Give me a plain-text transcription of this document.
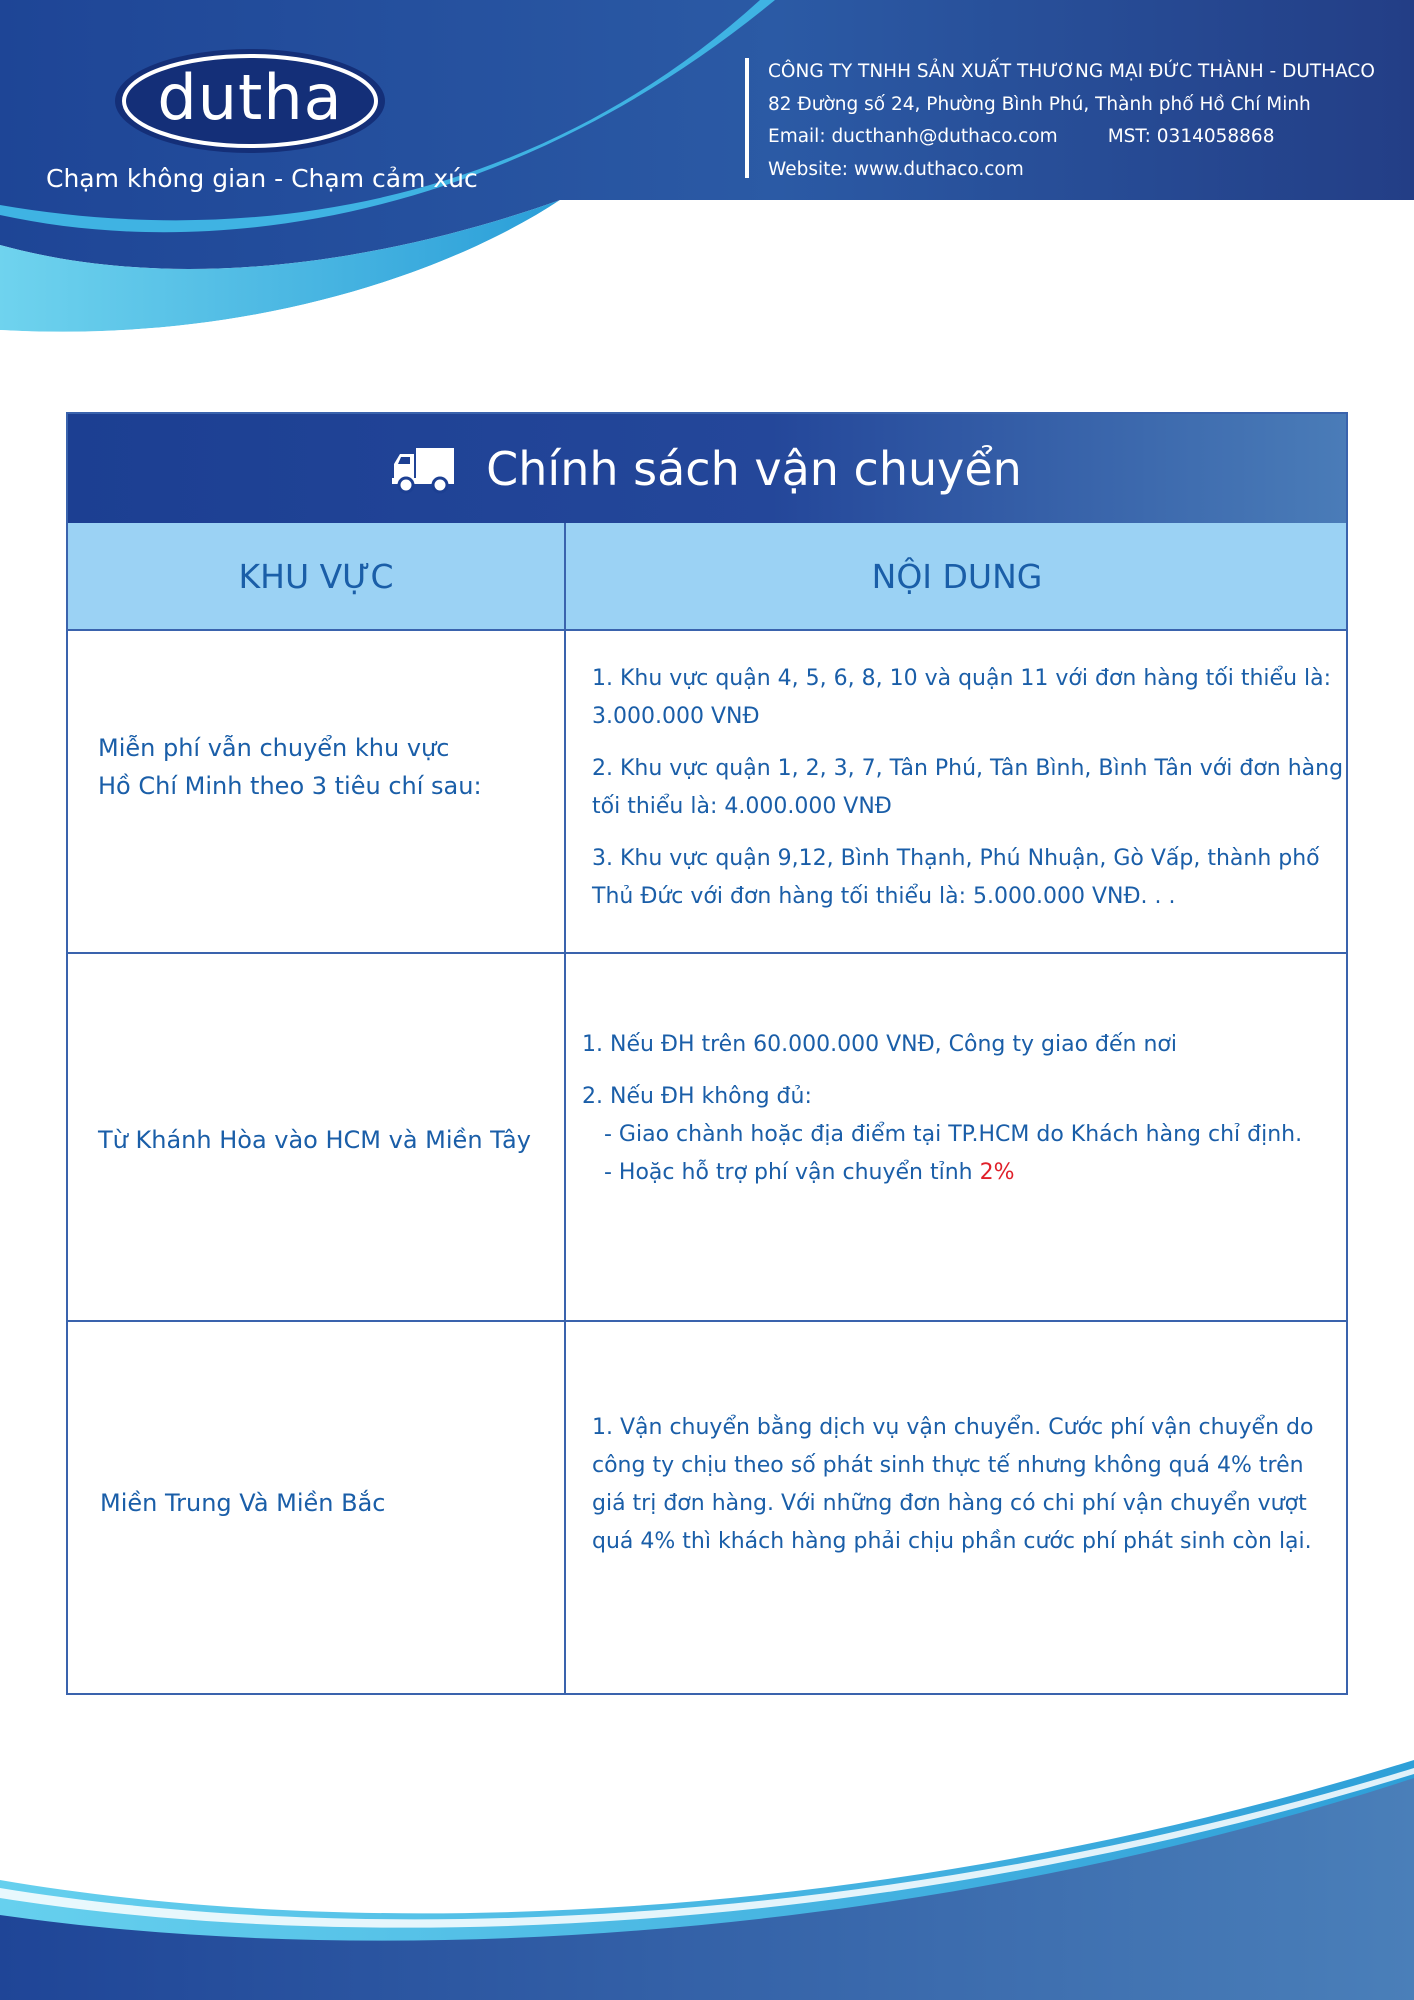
dutha
Chạm không gian - Chạm cảm xúc
CÔNG TY TNHH SẢN XUẤT THƯƠNG MẠI ĐỨC THÀNH - DUTHACO
82 Đường số 24, Phường Bình Phú, Thành phố Hồ Chí Minh
Email: ducthanh@duthaco.com	MST: 0314058868
Website: www.duthaco.com
Chính sách vận chuyển
KHU VỰC	NỘI DUNG
Miễn phí vẫn chuyển khu vực
Hồ Chí Minh theo 3 tiêu chí sau:

1. Khu vực quận 4, 5, 6, 8, 10 và quận 11 với đơn hàng tối thiểu là: 3.000.000 VNĐ

2. Khu vực quận 1, 2, 3, 7, Tân Phú, Tân Bình, Bình Tân với đơn hàng tối thiểu là: 4.000.000 VNĐ

3. Khu vực quận 9,12, Bình Thạnh, Phú Nhuận, Gò Vấp, thành phố Thủ Đức với đơn hàng tối thiểu là: 5.000.000 VNĐ. . .

Từ Khánh Hòa vào HCM và Miền Tây

1. Nếu ĐH trên 60.000.000 VNĐ, Công ty giao đến nơi

2. Nếu ĐH không đủ:

- Giao chành hoặc địa điểm tại TP.HCM do Khách hàng chỉ định.
- Hoặc hỗ trợ phí vận chuyển tỉnh 2%
Miền Trung Và Miền Bắc

1. Vận chuyển bằng dịch vụ vận chuyển. Cước phí vận chuyển do công ty chịu theo số phát sinh thực tế nhưng không quá 4% trên giá trị đơn hàng. Với những đơn hàng có chi phí vận chuyển vượt quá 4% thì khách hàng phải chịu phần cước phí phát sinh còn lại.
